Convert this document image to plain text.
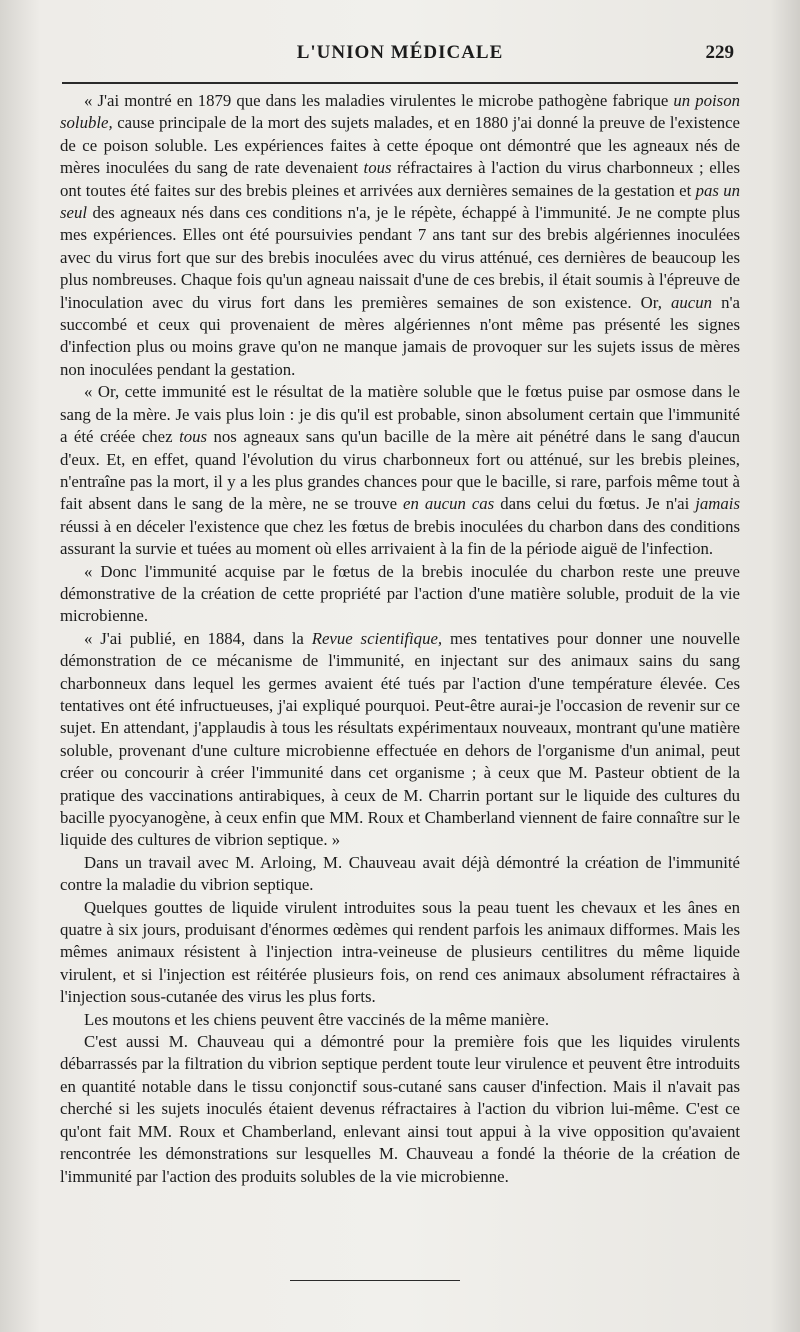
L'UNION MÉDICALE	229

« J'ai montré en 1879 que dans les maladies virulentes le microbe pathogène fabrique un poison soluble, cause principale de la mort des sujets malades, et en 1880 j'ai donné la preuve de l'existence de ce poison soluble. Les expériences faites à cette époque ont démontré que les agneaux nés de mères inoculées du sang de rate devenaient tous réfractaires à l'action du virus charbonneux ; elles ont toutes été faites sur des brebis pleines et arrivées aux dernières semaines de la gestation et pas un seul des agneaux nés dans ces conditions n'a, je le répète, échappé à l'immunité. Je ne compte plus mes expériences. Elles ont été poursuivies pendant 7 ans tant sur des brebis algériennes inoculées avec du virus fort que sur des brebis inoculées avec du virus atténué, ces dernières de beaucoup les plus nombreuses. Chaque fois qu'un agneau naissait d'une de ces brebis, il était soumis à l'épreuve de l'inoculation avec du virus fort dans les premières semaines de son existence. Or, aucun n'a succombé et ceux qui provenaient de mères algériennes n'ont même pas présenté les signes d'infection plus ou moins grave qu'on ne manque jamais de provoquer sur les sujets issus de mères non inoculées pendant la gestation.

« Or, cette immunité est le résultat de la matière soluble que le fœtus puise par osmose dans le sang de la mère. Je vais plus loin : je dis qu'il est probable, sinon absolument certain que l'immunité a été créée chez tous nos agneaux sans qu'un bacille de la mère ait pénétré dans le sang d'aucun d'eux. Et, en effet, quand l'évolution du virus charbonneux fort ou atténué, sur les brebis pleines, n'entraîne pas la mort, il y a les plus grandes chances pour que le bacille, si rare, parfois même tout à fait absent dans le sang de la mère, ne se trouve en aucun cas dans celui du fœtus. Je n'ai jamais réussi à en déceler l'existence que chez les fœtus de brebis inoculées du charbon dans des conditions assurant la survie et tuées au moment où elles arrivaient à la fin de la période aiguë de l'infection.

« Donc l'immunité acquise par le fœtus de la brebis inoculée du charbon reste une preuve démonstrative de la création de cette propriété par l'action d'une matière soluble, produit de la vie microbienne.

« J'ai publié, en 1884, dans la Revue scientifique, mes tentatives pour donner une nouvelle démonstration de ce mécanisme de l'immunité, en injectant sur des animaux sains du sang charbonneux dans lequel les germes avaient été tués par l'action d'une température élevée. Ces tentatives ont été infructueuses, j'ai expliqué pourquoi. Peut-être aurai-je l'occasion de revenir sur ce sujet. En attendant, j'applaudis à tous les résultats expérimentaux nouveaux, montrant qu'une matière soluble, provenant d'une culture microbienne effectuée en dehors de l'organisme d'un animal, peut créer ou concourir à créer l'immunité dans cet organisme ; à ceux que M. Pasteur obtient de la pratique des vaccinations antirabiques, à ceux de M. Charrin portant sur le liquide des cultures du bacille pyocyanogène, à ceux enfin que MM. Roux et Chamberland viennent de faire connaître sur le liquide des cultures de vibrion septique. »

Dans un travail avec M. Arloing, M. Chauveau avait déjà démontré la création de l'immunité contre la maladie du vibrion septique.

Quelques gouttes de liquide virulent introduites sous la peau tuent les chevaux et les ânes en quatre à six jours, produisant d'énormes œdèmes qui rendent parfois les animaux difformes. Mais les mêmes animaux résistent à l'injection intra-veineuse de plusieurs centilitres du même liquide virulent, et si l'injection est réitérée plusieurs fois, on rend ces animaux absolument réfractaires à l'injection sous-cutanée des virus les plus forts.

Les moutons et les chiens peuvent être vaccinés de la même manière.

C'est aussi M. Chauveau qui a démontré pour la première fois que les liquides virulents débarrassés par la filtration du vibrion septique perdent toute leur virulence et peuvent être introduits en quantité notable dans le tissu conjonctif sous-cutané sans causer d'infection. Mais il n'avait pas cherché si les sujets inoculés étaient devenus réfractaires à l'action du vibrion lui-même. C'est ce qu'ont fait MM. Roux et Chamberland, enlevant ainsi tout appui à la vive opposition qu'avaient rencontrée les démonstrations sur lesquelles M. Chauveau a fondé la théorie de la création de l'immunité par l'action des produits solubles de la vie microbienne.
